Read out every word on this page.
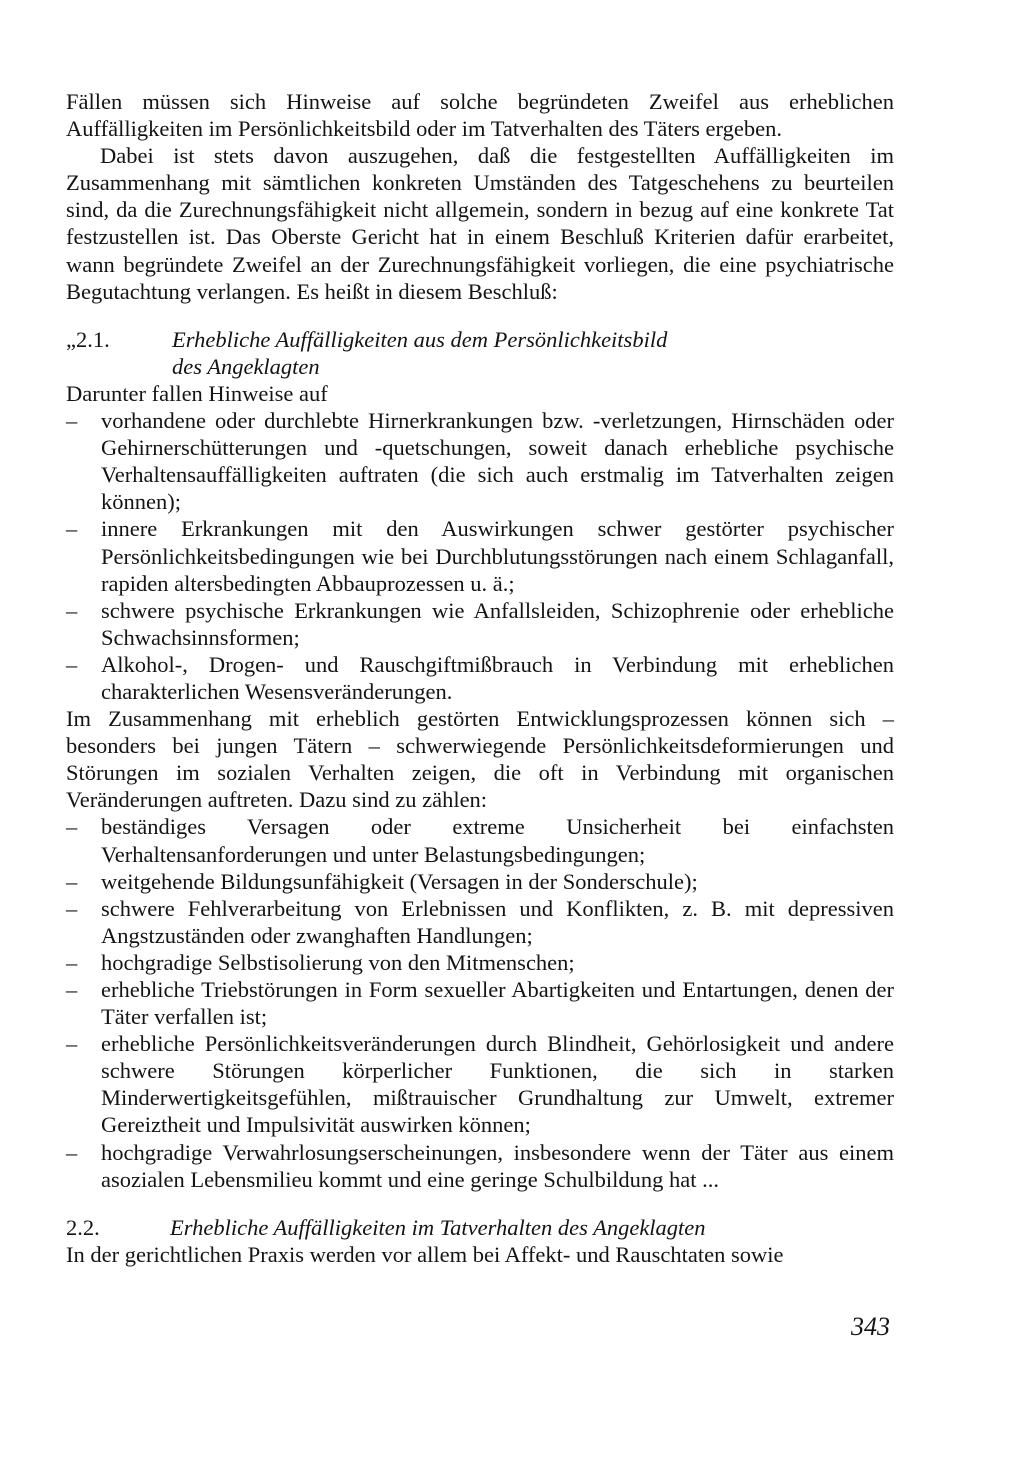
Fällen müssen sich Hinweise auf solche begründeten Zweifel aus erheblichen Auffälligkeiten im Persönlichkeitsbild oder im Tatverhalten des Täters ergeben.

Dabei ist stets davon auszugehen, daß die festgestellten Auffälligkeiten im Zusammenhang mit sämtlichen konkreten Umständen des Tatgeschehens zu beurteilen sind, da die Zurechnungsfähigkeit nicht allgemein, sondern in bezug auf eine konkrete Tat festzustellen ist. Das Oberste Gericht hat in einem Beschluß Kriterien dafür erarbeitet, wann begründete Zweifel an der Zurechnungsfähigkeit vorliegen, die eine psychiatrische Begutachtung verlangen. Es heißt in diesem Beschluß:

„2.1.	Erhebliche Auffälligkeiten aus dem Persönlichkeitsbild
des Angeklagten

Darunter fallen Hinweise auf

– vorhandene oder durchlebte Hirnerkrankungen bzw. -verletzungen, Hirnschäden oder Gehirnerschütterungen und -quetschungen, soweit danach erhebliche psychische Verhaltensauffälligkeiten auftraten (die sich auch erstmalig im Tatverhalten zeigen können);
– innere Erkrankungen mit den Auswirkungen schwer gestörter psychischer Persönlichkeitsbedingungen wie bei Durchblutungsstörungen nach einem Schlaganfall, rapiden altersbedingten Abbauprozessen u. ä.;
– schwere psychische Erkrankungen wie Anfallsleiden, Schizophrenie oder erhebliche Schwachsinnsformen;
– Alkohol-, Drogen- und Rauschgiftmißbrauch in Verbindung mit erheblichen charakterlichen Wesensveränderungen.

Im Zusammenhang mit erheblich gestörten Entwicklungsprozessen können sich – besonders bei jungen Tätern – schwerwiegende Persönlichkeitsdeformierungen und Störungen im sozialen Verhalten zeigen, die oft in Verbindung mit organischen Veränderungen auftreten. Dazu sind zu zählen:

– beständiges Versagen oder extreme Unsicherheit bei einfachsten Verhaltensanforderungen und unter Belastungsbedingungen;
– weitgehende Bildungsunfähigkeit (Versagen in der Sonderschule);
– schwere Fehlverarbeitung von Erlebnissen und Konflikten, z. B. mit depressiven Angstzuständen oder zwanghaften Handlungen;
– hochgradige Selbstisolierung von den Mitmenschen;
– erhebliche Triebstörungen in Form sexueller Abartigkeiten und Entartungen, denen der Täter verfallen ist;
– erhebliche Persönlichkeitsveränderungen durch Blindheit, Gehörlosigkeit und andere schwere Störungen körperlicher Funktionen, die sich in starken Minderwertigkeitsgefühlen, mißtrauischer Grundhaltung zur Umwelt, extremer Gereiztheit und Impulsivität auswirken können;
– hochgradige Verwahrlosungserscheinungen, insbesondere wenn der Täter aus einem asozialen Lebensmilieu kommt und eine geringe Schulbildung hat ...
2.2.	Erhebliche Auffälligkeiten im Tatverhalten des Angeklagten

In der gerichtlichen Praxis werden vor allem bei Affekt- und Rauschtaten sowie

343
